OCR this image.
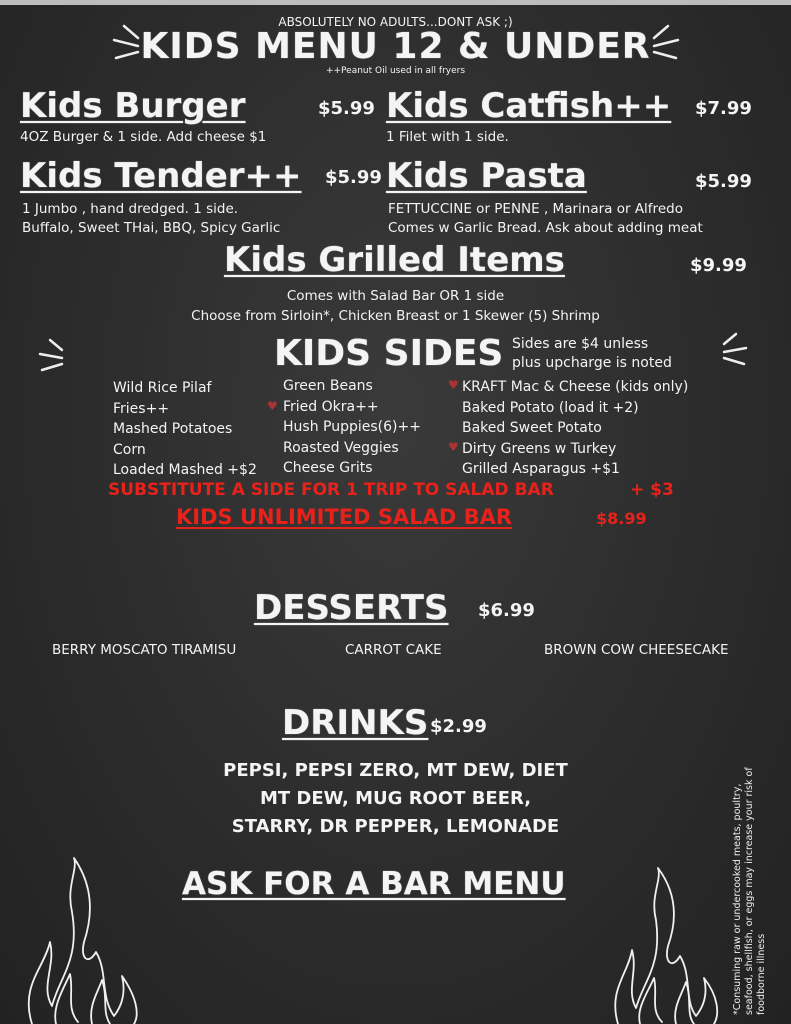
ABSOLUTELY NO ADULTS...DONT ASK ;)
KIDS MENU 12 & UNDER
++Peanut Oil used in all fryers
Kids Burger	$5.99
4OZ Burger & 1 side. Add cheese $1
Kids Catfish++ $7.99
1 Filet with 1 side.
Kids Tender++ $5.99
1 Jumbo , hand dredged. 1 side.
Buffalo, Sweet THai, BBQ, Spicy Garlic
Kids Pasta	$5.99
FETTUCCINE or PENNE , Marinara or Alfredo
Comes w Garlic Bread. Ask about adding meat
Kids Grilled Items	$9.99
Comes with Salad Bar OR 1 side
Choose from Sirloin*, Chicken Breast or 1 Skewer (5) Shrimp
KIDS SIDES Sides are $4 unless
plus upcharge is noted
Wild Rice Pilaf
Fries++
Mashed Potatoes
Corn
Loaded Mashed +$2
Green Beans
Fried Okra++
Hush Puppies(6)++
Roasted Veggies
Cheese Grits
♥
KRAFT Mac & Cheese (kids only)
Baked Potato (load it +2)
Baked Sweet Potato
Dirty Greens w Turkey
Grilled Asparagus +$1
♥
♥
SUBSTITUTE A SIDE FOR 1 TRIP TO SALAD BAR	+ $3
KIDS UNLIMITED SALAD BAR	$8.99
DESSERTS $6.99
BERRY MOSCATO TIRAMISU	CARROT CAKE	BROWN COW CHEESECAKE
DRINKS $2.99
PEPSI, PEPSI ZERO, MT DEW, DIET
MT DEW, MUG ROOT BEER,
STARRY, DR PEPPER, LEMONADE
ASK FOR A BAR MENU	*Consuming raw or undercooked meats, poultry, seafood, shellfish, or eggs may increase your risk of foodborne illness
